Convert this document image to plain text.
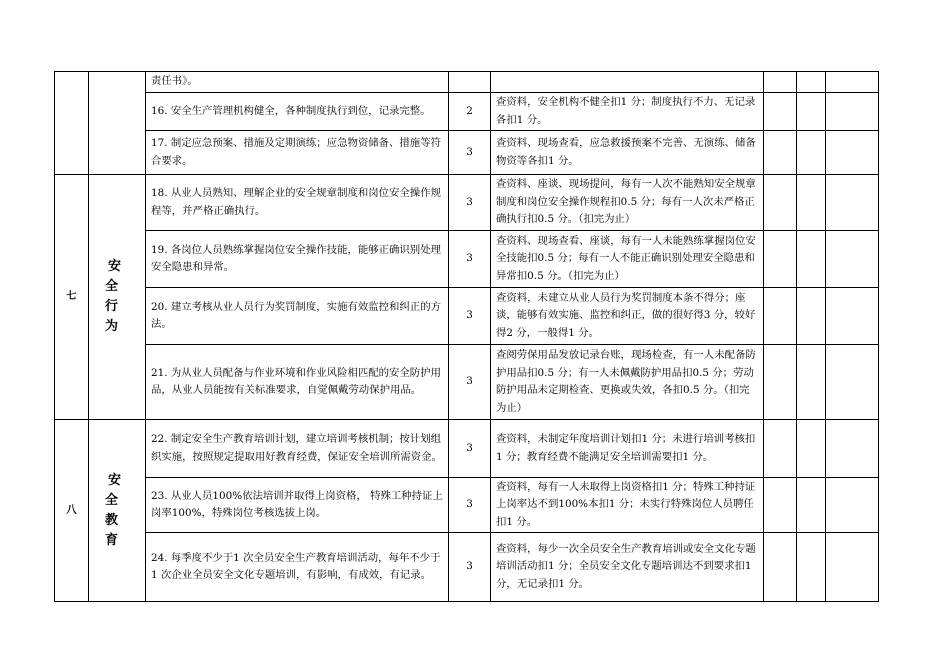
		责任书》。					
		16. 安全生产管理机构健全，各种制度执行到位，记录完整。	2	查资料，安全机构不健全扣1 分；制度执行不力、无记录各扣1 分。			
		17. 制定应急预案、措施及定期演练；应急物资储备、措施等符合要求。	3	查资料、现场查看，应急救援预案不完善、无演练、储备物资等各扣1 分。			
七	安全行为	18. 从业人员熟知、理解企业的安全规章制度和岗位安全操作规程等，并严格正确执行。	3	查资料、座谈、现场提问，每有一人次不能熟知安全规章制度和岗位安全操作规程扣0.5 分；每有一人次未严格正确执行扣0.5 分。（扣完为止）			
		19. 各岗位人员熟练掌握岗位安全操作技能，能够正确识别处理安全隐患和异常。	3	查资料、现场查看、座谈，每有一人未能熟练掌握岗位安全技能扣0.5 分；每有一人不能正确识别处理安全隐患和异常扣0.5 分。（扣完为止）			
		20. 建立考核从业人员行为奖罚制度，实施有效监控和纠正的方法。	3	查资料，未建立从业人员行为奖罚制度本条不得分；座谈，能够有效实施、监控和纠正，做的很好得3 分，较好得2 分，一般得1 分。			
		21. 为从业人员配备与作业环境和作业风险相匹配的安全防护用品，从业人员能按有关标准要求，自觉佩戴劳动保护用品。	3	查阅劳保用品发放记录台账，现场检查，有一人未配备防护用品扣0.5 分；有一人未佩戴防护用品扣0.5 分；劳动防护用品未定期检查、更换或失效，各扣0.5 分。（扣完为止）			
八	安全教育	22. 制定安全生产教育培训计划，建立培训考核机制；按计划组织实施，按照规定提取用好教育经费，保证安全培训所需资金。	3	查资料，未制定年度培训计划扣1 分；未进行培训考核扣1 分；教育经费不能满足安全培训需要扣1 分。			
		23. 从业人员100%依法培训并取得上岗资格， 特殊工种持证上岗率100%，特殊岗位考核选拔上岗。	3	查资料，每有一人未取得上岗资格扣1 分；特殊工种持证上岗率达不到100%本扣1 分；未实行特殊岗位人员聘任扣1 分。			
		24. 每季度不少于1 次全员安全生产教育培训活动，每年不少于1 次企业全员安全文化专题培训，有影响，有成效，有记录。	3	查资料，每少一次全员安全生产教育培训或安全文化专题培训活动扣1 分；全员安全文化专题培训达不到要求扣1 分，无记录扣1 分。			
